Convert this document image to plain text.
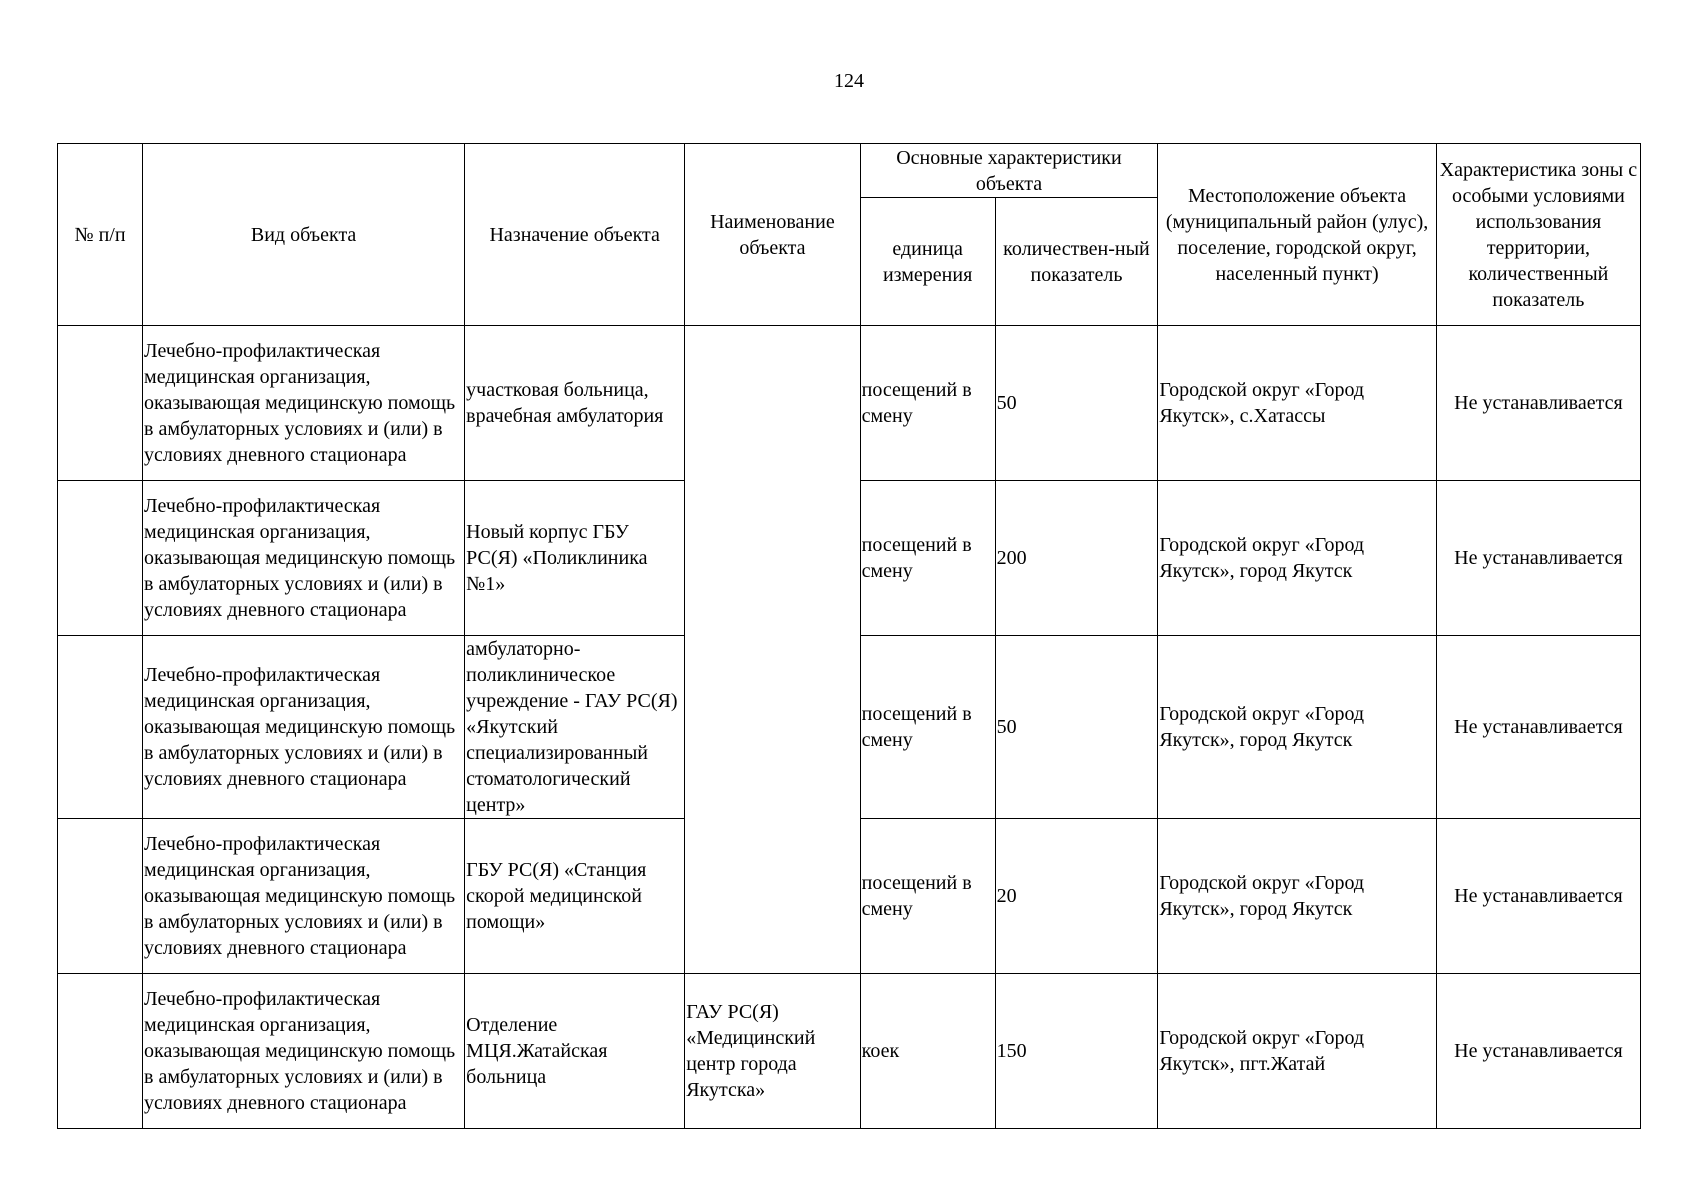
124
№ п/п	Вид объекта	Назначение объекта	Наименование объекта	Основные характеристики объекта		Местоположение объекта (муниципальный район (улус), поселение, городской округ, населенный пункт)	Характеристика зоны с особыми условиями использования территории, количественный показатель
				единица измерения	количествен-ный показатель		
	Лечебно-профилактическая медицинская организация, оказывающая медицинскую помощь в амбулаторных условиях и (или) в условиях дневного стационара	участковая больница, врачебная амбулатория		посещений в смену	50	Городской округ «Город Якутск», с.Хатассы	Не устанавливается
	Лечебно-профилактическая медицинская организация, оказывающая медицинскую помощь в амбулаторных условиях и (или) в условиях дневного стационара	Новый корпус ГБУ РС(Я) «Поликлиника №1»		посещений в смену	200	Городской округ «Город Якутск», город Якутск	Не устанавливается
	Лечебно-профилактическая медицинская организация, оказывающая медицинскую помощь в амбулаторных условиях и (или) в условиях дневного стационара	амбулаторно-поликлиническое учреждение - ГАУ РС(Я) «Якутский специализированный стоматологический центр»		посещений в смену	50	Городской округ «Город Якутск», город Якутск	Не устанавливается
	Лечебно-профилактическая медицинская организация, оказывающая медицинскую помощь в амбулаторных условиях и (или) в условиях дневного стационара	ГБУ РС(Я) «Станция скорой медицинской помощи»		посещений в смену	20	Городской округ «Город Якутск», город Якутск	Не устанавливается
	Лечебно-профилактическая медицинская организация, оказывающая медицинскую помощь в амбулаторных условиях и (или) в условиях дневного стационара	Отделение МЦЯ.Жатайская больница	ГАУ РС(Я) «Медицинский центр города Якутска»	коек	150	Городской округ «Город Якутск», пгт.Жатай	Не устанавливается
